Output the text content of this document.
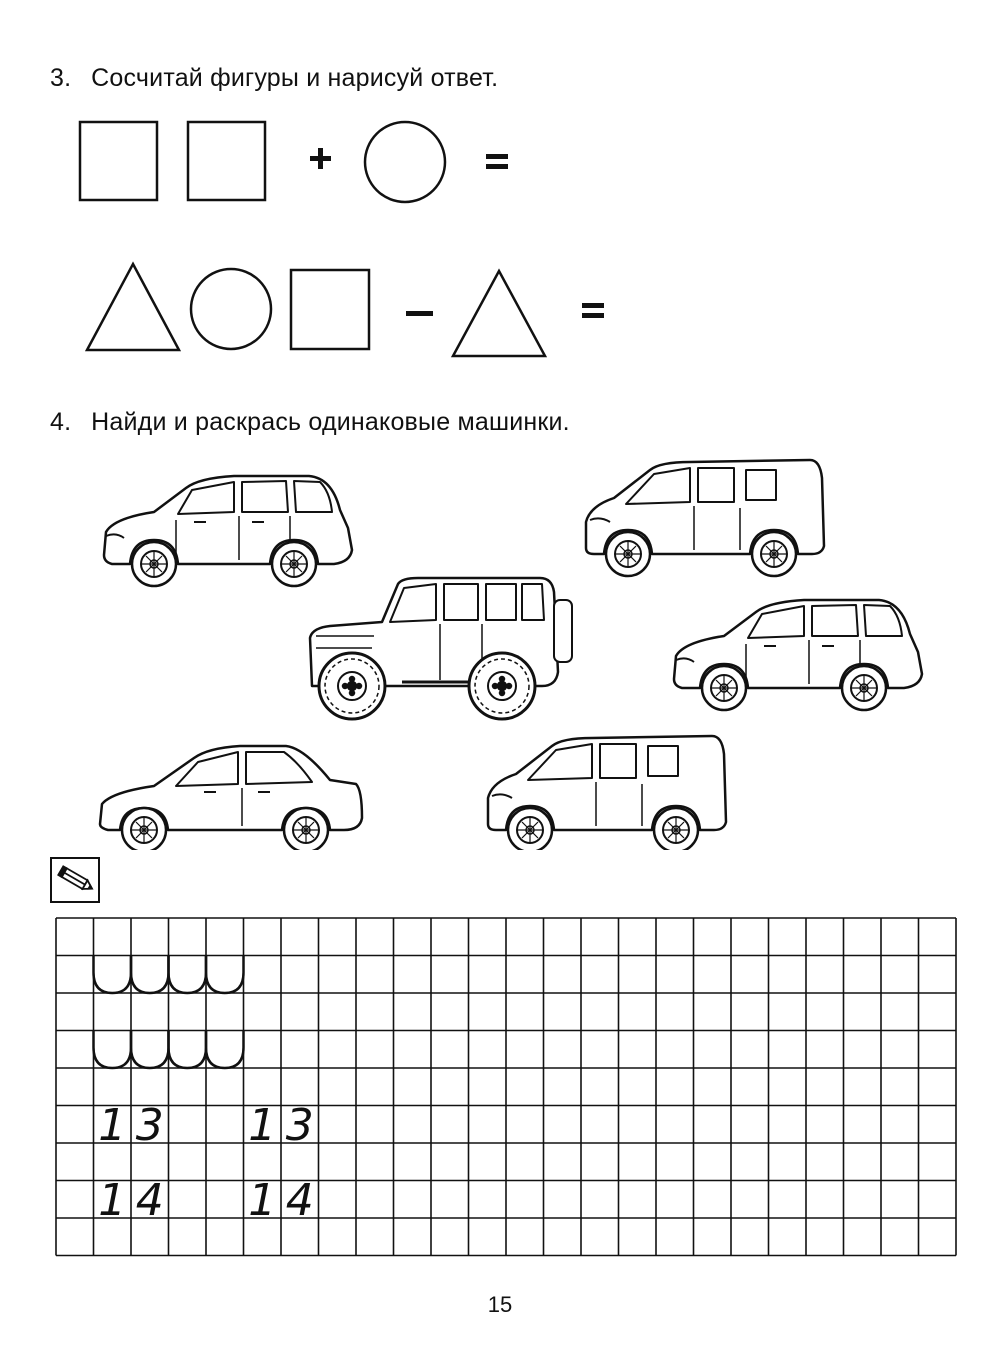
3. Сосчитай фигуры и нарисуй ответ.
4. Найди и раскрась одинаковые машинки.
1 3 1 3
1 4 1 4
15
